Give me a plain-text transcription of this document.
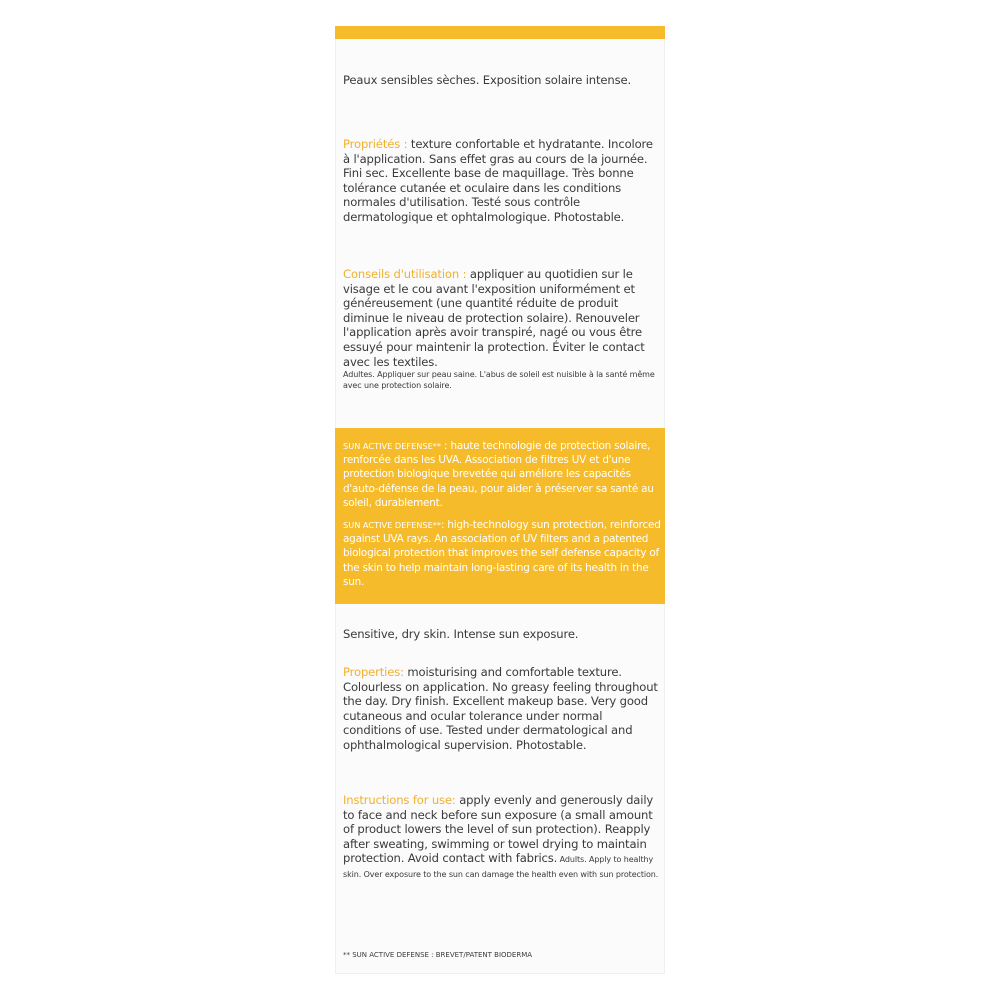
Peaux sensibles sèches. Exposition solaire intense.

Propriétés : texture confortable et hydratante. Incolore à l'application. Sans effet gras au cours de la journée. Fini sec. Excellente base de maquillage. Très bonne tolérance cutanée et oculaire dans les conditions normales d'utilisation. Testé sous contrôle dermatologique et ophtalmologique. Photostable.

Conseils d'utilisation : appliquer au quotidien sur le visage et le cou avant l'exposition uniformément et généreusement (une quantité réduite de produit diminue le niveau de protection solaire). Renouveler l'application après avoir transpiré, nagé ou vous être essuyé pour maintenir la protection. Éviter le contact avec les textiles.

Adultes. Appliquer sur peau saine. L'abus de soleil est nuisible à la santé même avec une protection solaire.

SUN ACTIVE DEFENSE** : haute technologie de protection solaire, renforcée dans les UVA. Association de filtres UV et d'une protection biologique brevetée qui améliore les capacités d'auto-défense de la peau, pour aider à préserver sa santé au soleil, durablement.
SUN ACTIVE DEFENSE**: high-technology sun protection, reinforced against UVA rays. An association of UV filters and a patented biological protection that improves the self defense capacity of the skin to help maintain long-lasting care of its health in the sun.

Sensitive, dry skin. Intense sun exposure.

Properties: moisturising and comfortable texture. Colourless on application. No greasy feeling throughout the day. Dry finish. Excellent makeup base. Very good cutaneous and ocular tolerance under normal conditions of use. Tested under dermatological and ophthalmological supervision. Photostable.

Instructions for use: apply evenly and generously daily to face and neck before sun exposure (a small amount of product lowers the level of sun protection). Reapply after sweating, swimming or towel drying to maintain protection. Avoid contact with fabrics. Adults. Apply to healthy skin. Over exposure to the sun can damage the health even with sun protection.

** SUN ACTIVE DEFENSE : BREVET/PATENT BIODERMA
